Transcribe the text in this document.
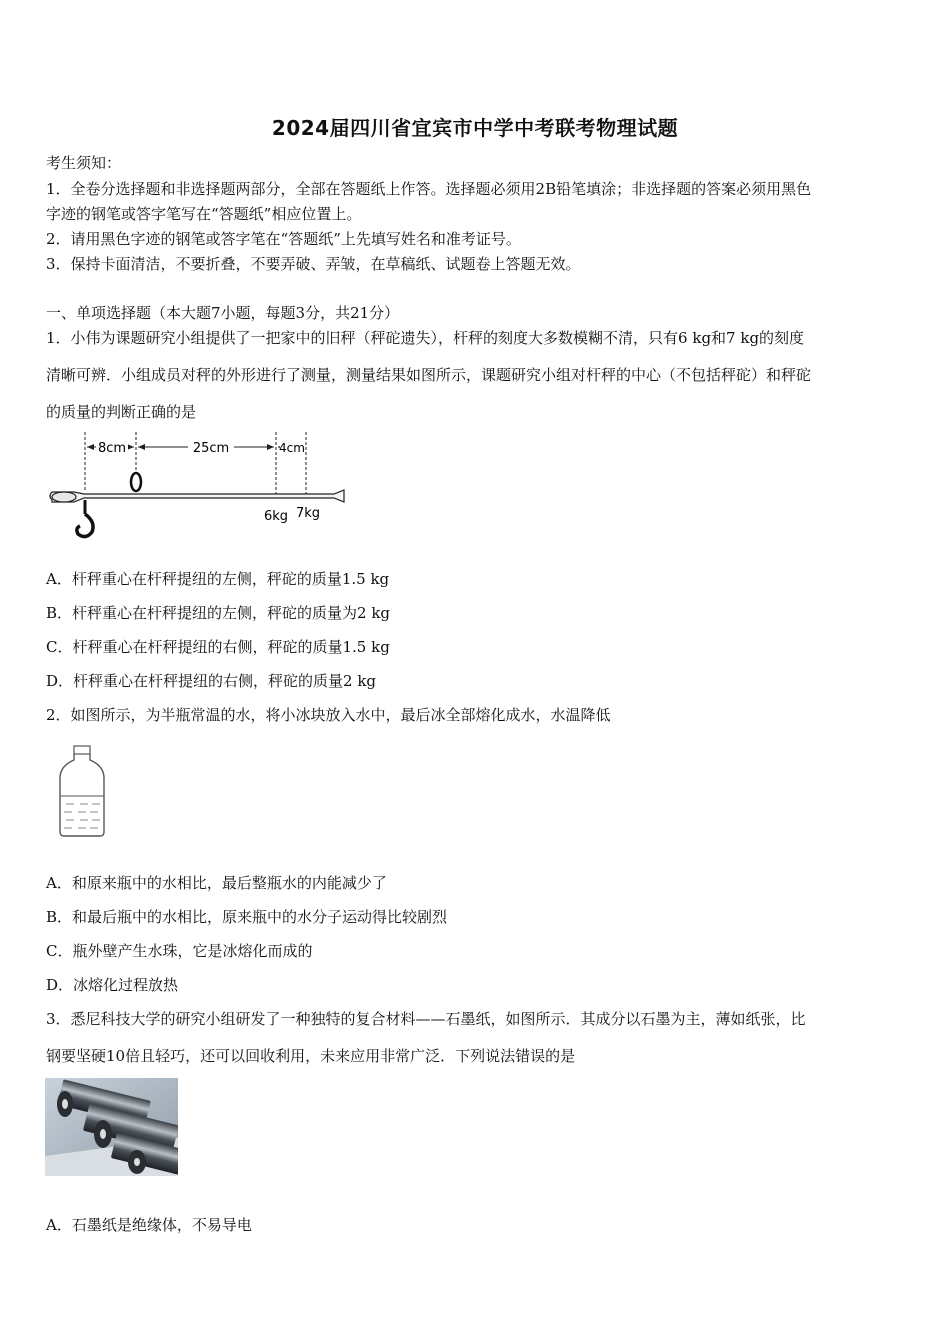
2024届四川省宜宾市中学中考联考物理试题
考生须知：
1．全卷分选择题和非选择题两部分，全部在答题纸上作答。选择题必须用2B铅笔填涂；非选择题的答案必须用黑色
字迹的钢笔或答字笔写在“答题纸”相应位置上。
2．请用黑色字迹的钢笔或答字笔在“答题纸”上先填写姓名和准考证号。
3．保持卡面清洁，不要折叠，不要弄破、弄皱，在草稿纸、试题卷上答题无效。
一、单项选择题（本大题7小题，每题3分，共21分）
1．小伟为课题研究小组提供了一把家中的旧秤（秤砣遗失），杆秤的刻度大多数模糊不清，只有6 kg和7 kg的刻度
清晰可辨．小组成员对秤的外形进行了测量，测量结果如图所示，课题研究小组对杆秤的中心（不包括秤砣）和秤砣
的质量的判断正确的是
8cm	25cm	4cm
6kg 7kg
A．杆秤重心在杆秤提纽的左侧，秤砣的质量1.5 kg
B．杆秤重心在杆秤提纽的左侧，秤砣的质量为2 kg
C．杆秤重心在杆秤提纽的右侧，秤砣的质量1.5 kg
D．杆秤重心在杆秤提纽的右侧，秤砣的质量2 kg
2．如图所示，为半瓶常温的水，将小冰块放入水中，最后冰全部熔化成水，水温降低
A．和原来瓶中的水相比，最后整瓶水的内能减少了
B．和最后瓶中的水相比，原来瓶中的水分子运动得比较剧烈
C．瓶外壁产生水珠，它是冰熔化而成的
D．冰熔化过程放热
3．悉尼科技大学的研究小组研发了一种独特的复合材料——石墨纸，如图所示．其成分以石墨为主，薄如纸张，比
钢要坚硬10倍且轻巧，还可以回收利用，未来应用非常广泛．下列说法错误的是
A．石墨纸是绝缘体，不易导电
